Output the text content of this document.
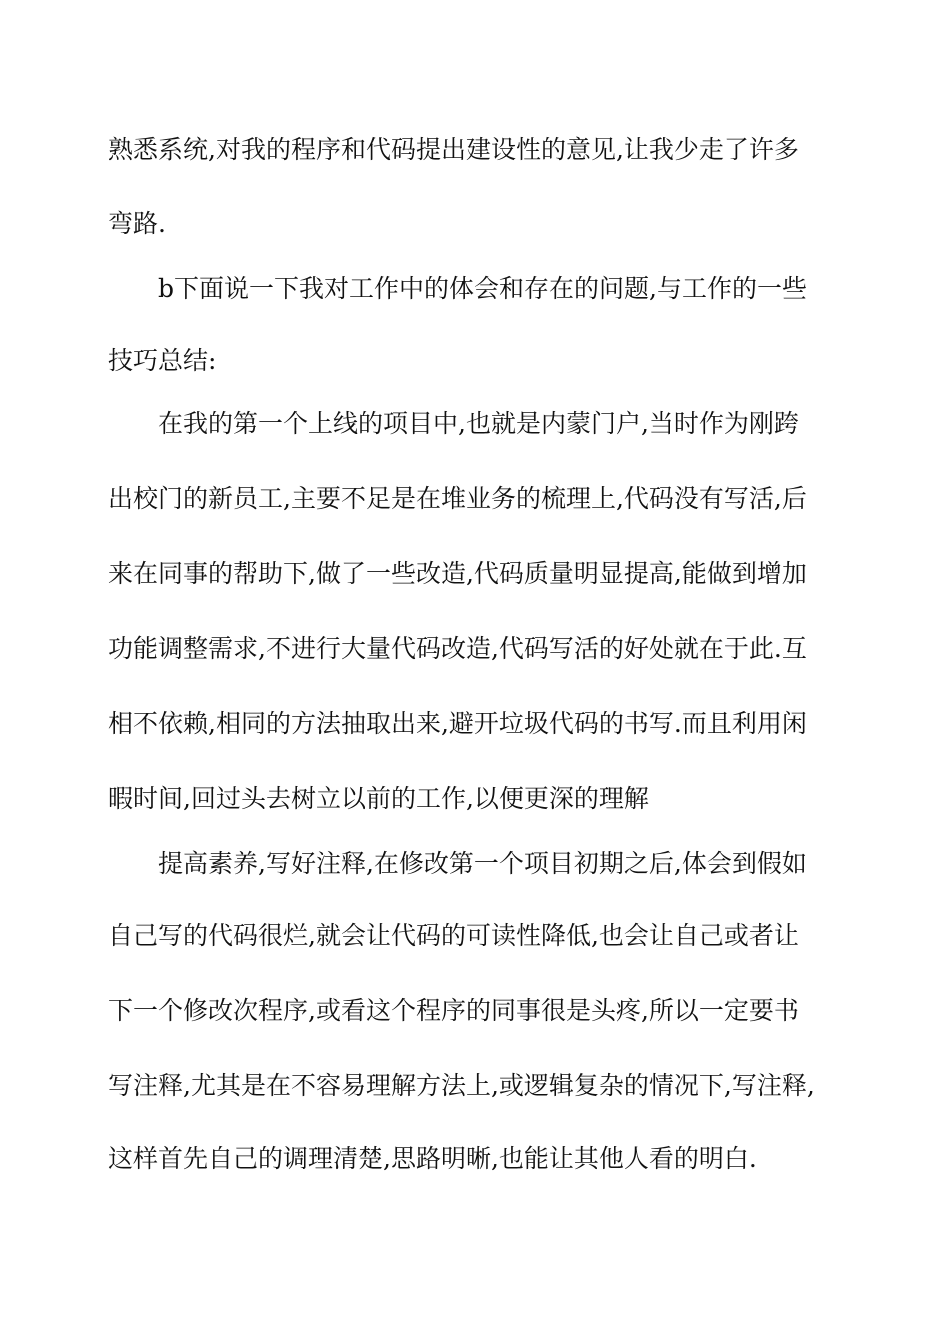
熟悉系统,对我的程序和代码提出建设性的意见,让我少走了许多

弯路.

b下面说一下我对工作中的体会和存在的问题,与工作的一些

技巧总结:

在我的第一个上线的项目中,也就是内蒙门户,当时作为刚跨

出校门的新员工,主要不足是在堆业务的梳理上,代码没有写活,后

来在同事的帮助下,做了一些改造,代码质量明显提高,能做到增加

功能调整需求,不进行大量代码改造,代码写活的好处就在于此.互

相不依赖,相同的方法抽取出来,避开垃圾代码的书写.而且利用闲

暇时间,回过头去树立以前的工作,以便更深的理解

提高素养,写好注释,在修改第一个项目初期之后,体会到假如

自己写的代码很烂,就会让代码的可读性降低,也会让自己或者让

下一个修改次程序,或看这个程序的同事很是头疼,所以一定要书

写注释,尤其是在不容易理解方法上,或逻辑复杂的情况下,写注释,

这样首先自己的调理清楚,思路明晰,也能让其他人看的明白.
